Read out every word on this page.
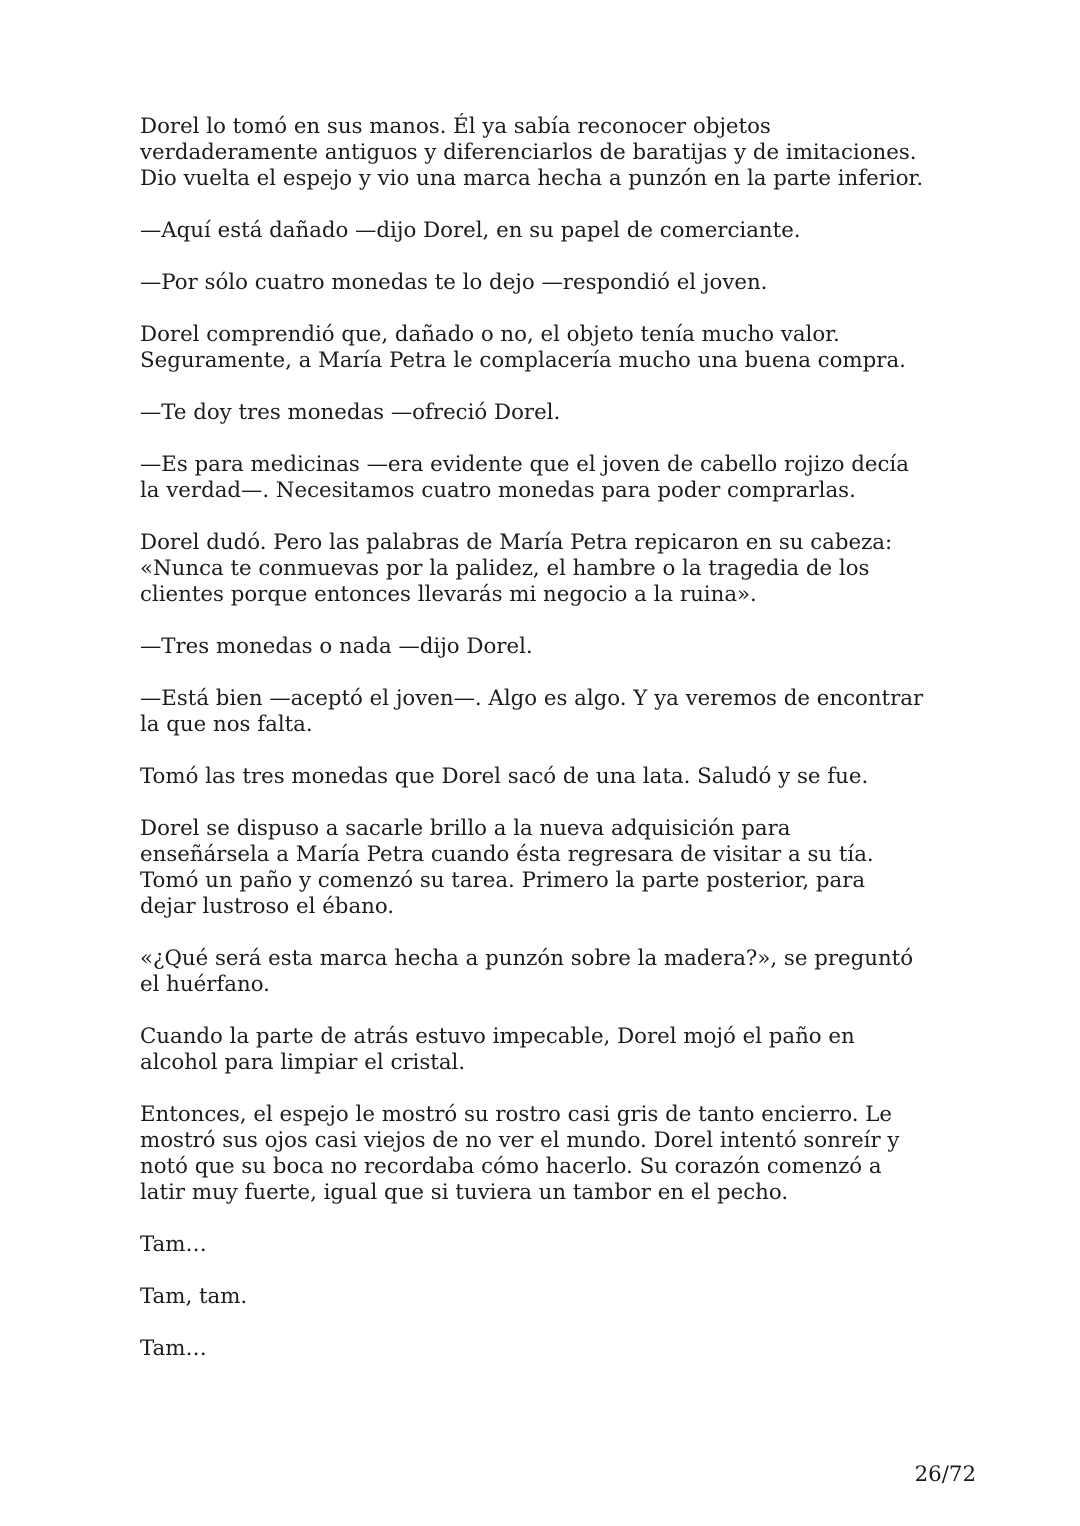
Dorel lo tomó en sus manos. Él ya sabía reconocer objetos
verdaderamente antiguos y diferenciarlos de baratijas y de imitaciones.
Dio vuelta el espejo y vio una marca hecha a punzón en la parte inferior.

—Aquí está dañado —dijo Dorel, en su papel de comerciante.

—Por sólo cuatro monedas te lo dejo —respondió el joven.

Dorel comprendió que, dañado o no, el objeto tenía mucho valor.
Seguramente, a María Petra le complacería mucho una buena compra.

—Te doy tres monedas —ofreció Dorel.

—Es para medicinas —era evidente que el joven de cabello rojizo decía
la verdad—. Necesitamos cuatro monedas para poder comprarlas.

Dorel dudó. Pero las palabras de María Petra repicaron en su cabeza:
«Nunca te conmuevas por la palidez, el hambre o la tragedia de los
clientes porque entonces llevarás mi negocio a la ruina».

—Tres monedas o nada —dijo Dorel.

—Está bien —aceptó el joven—. Algo es algo. Y ya veremos de encontrar
la que nos falta.

Tomó las tres monedas que Dorel sacó de una lata. Saludó y se fue.

Dorel se dispuso a sacarle brillo a la nueva adquisición para
enseñársela a María Petra cuando ésta regresara de visitar a su tía.
Tomó un paño y comenzó su tarea. Primero la parte posterior, para
dejar lustroso el ébano.

«¿Qué será esta marca hecha a punzón sobre la madera?», se preguntó
el huérfano.

Cuando la parte de atrás estuvo impecable, Dorel mojó el paño en
alcohol para limpiar el cristal.

Entonces, el espejo le mostró su rostro casi gris de tanto encierro. Le
mostró sus ojos casi viejos de no ver el mundo. Dorel intentó sonreír y
notó que su boca no recordaba cómo hacerlo. Su corazón comenzó a
latir muy fuerte, igual que si tuviera un tambor en el pecho.

Tam…

Tam, tam.

Tam…

26/72
